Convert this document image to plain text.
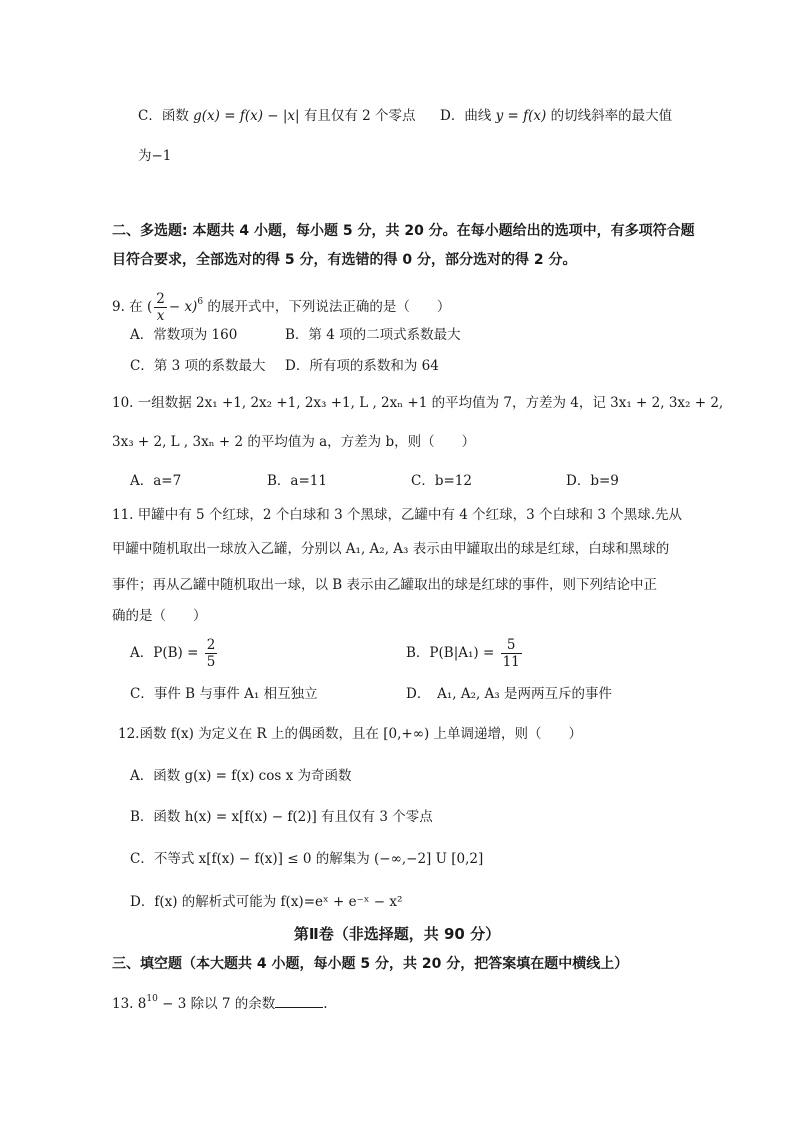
C．函数 g(x) = f(x) − |x| 有且仅有 2 个零点 D．曲线 y = f(x) 的切线斜率的最大值
为−1
二、多选题: 本题共 4 小题，每小题 5 分，共 20 分。在每小题给出的选项中，有多项符合题
目符合要求，全部选对的得 5 分，有选错的得 0 分，部分选对的得 2 分。
9. 在 ( $\frac{2}{x} - x)^6$ 的展开式中，下列说法正确的是（　　）
A．常数项为 160	B．第 4 项的二项式系数最大
C．第 3 项的系数最大 D．所有项的系数和为 64
10. 一组数据 2x₁ +1, 2x₂ +1, 2x₃ +1, L , 2xₙ +1 的平均值为 7，方差为 4，记 3x₁ + 2, 3x₂ + 2,
3x₃ + 2, L , 3xₙ + 2 的平均值为 a，方差为 b，则（　　）
A．a=7	B．a=11	C．b=12	D．b=9
11. 甲罐中有 5 个红球，2 个白球和 3 个黑球，乙罐中有 4 个红球，3 个白球和 3 个黑球.先从
甲罐中随机取出一球放入乙罐，分别以 A₁, A₂, A₃ 表示由甲罐取出的球是红球，白球和黑球的
事件；再从乙罐中随机取出一球，以 B 表示由乙罐取出的球是红球的事件，则下列结论中正
确的是（　　）
A．$P(B) = \frac{2}{5}$	B．$P(B|A_1) = \frac{5}{11}$
C．事件 B 与事件 A₁ 相互独立	D．　A₁, A₂, A₃ 是两两互斥的事件
12.函数 f(x) 为定义在 R 上的偶函数，且在 [0,+∞) 上单调递增，则（　　）
A．函数 g(x) = f(x) cos x 为奇函数
B．函数 h(x) = x[f(x) − f(2)] 有且仅有 3 个零点
C．不等式 x[f(x) − f(x)] ≤ 0 的解集为 (−∞,−2] U [0,2]
D．f(x) 的解析式可能为 f(x)=eˣ + e⁻ˣ − x²
第Ⅱ卷（非选择题，共 90 分）
三、填空题（本大题共 4 小题，每小题 5 分，共 20 分，把答案填在题中横线上）
13. $8^{10} - 3$ 除以 7 的余数	.
